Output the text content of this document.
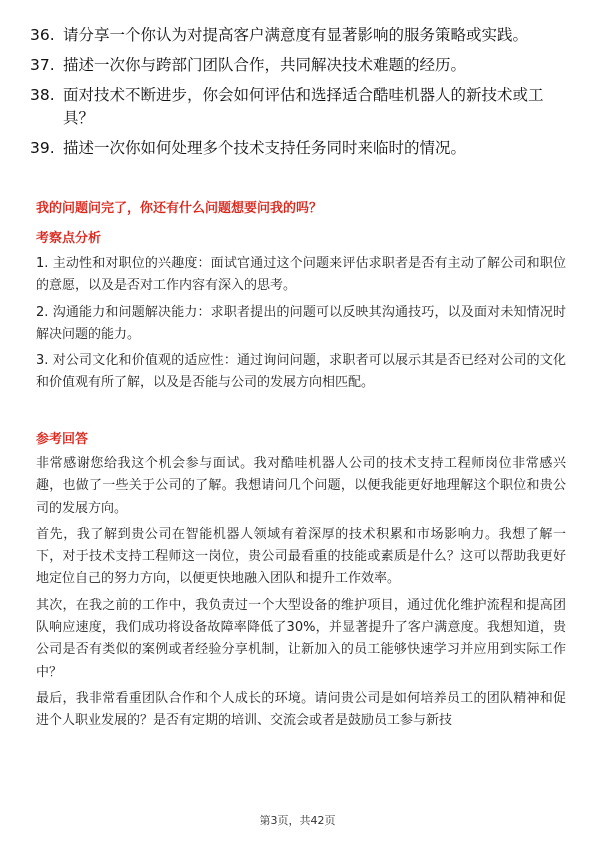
36. 请分享一个你认为对提高客户满意度有显著影响的服务策略或实践。
37. 描述一次你与跨部门团队合作，共同解决技术难题的经历。
38. 面对技术不断进步，你会如何评估和选择适合酷哇机器人的新技术或工具？
39. 描述一次你如何处理多个技术支持任务同时来临时的情况。
我的问题问完了，你还有什么问题想要问我的吗？
考察点分析

1. 主动性和对职位的兴趣度：面试官通过这个问题来评估求职者是否有主动了解公司和职位的意愿，以及是否对工作内容有深入的思考。

2. 沟通能力和问题解决能力：求职者提出的问题可以反映其沟通技巧，以及面对未知情况时解决问题的能力。

3. 对公司文化和价值观的适应性：通过询问问题，求职者可以展示其是否已经对公司的文化和价值观有所了解，以及是否能与公司的发展方向相匹配。

参考回答

非常感谢您给我这个机会参与面试。我对酷哇机器人公司的技术支持工程师岗位非常感兴趣，也做了一些关于公司的了解。我想请问几个问题，以便我能更好地理解这个职位和贵公司的发展方向。

首先，我了解到贵公司在智能机器人领域有着深厚的技术积累和市场影响力。我想了解一下，对于技术支持工程师这一岗位，贵公司最看重的技能或素质是什么？这可以帮助我更好地定位自己的努力方向，以便更快地融入团队和提升工作效率。

其次，在我之前的工作中，我负责过一个大型设备的维护项目，通过优化维护流程和提高团队响应速度，我们成功将设备故障率降低了30%，并显著提升了客户满意度。我想知道，贵公司是否有类似的案例或者经验分享机制，让新加入的员工能够快速学习并应用到实际工作中？

最后，我非常看重团队合作和个人成长的环境。请问贵公司是如何培养员工的团队精神和促进个人职业发展的？是否有定期的培训、交流会或者是鼓励员工参与新技

第3页，共42页
